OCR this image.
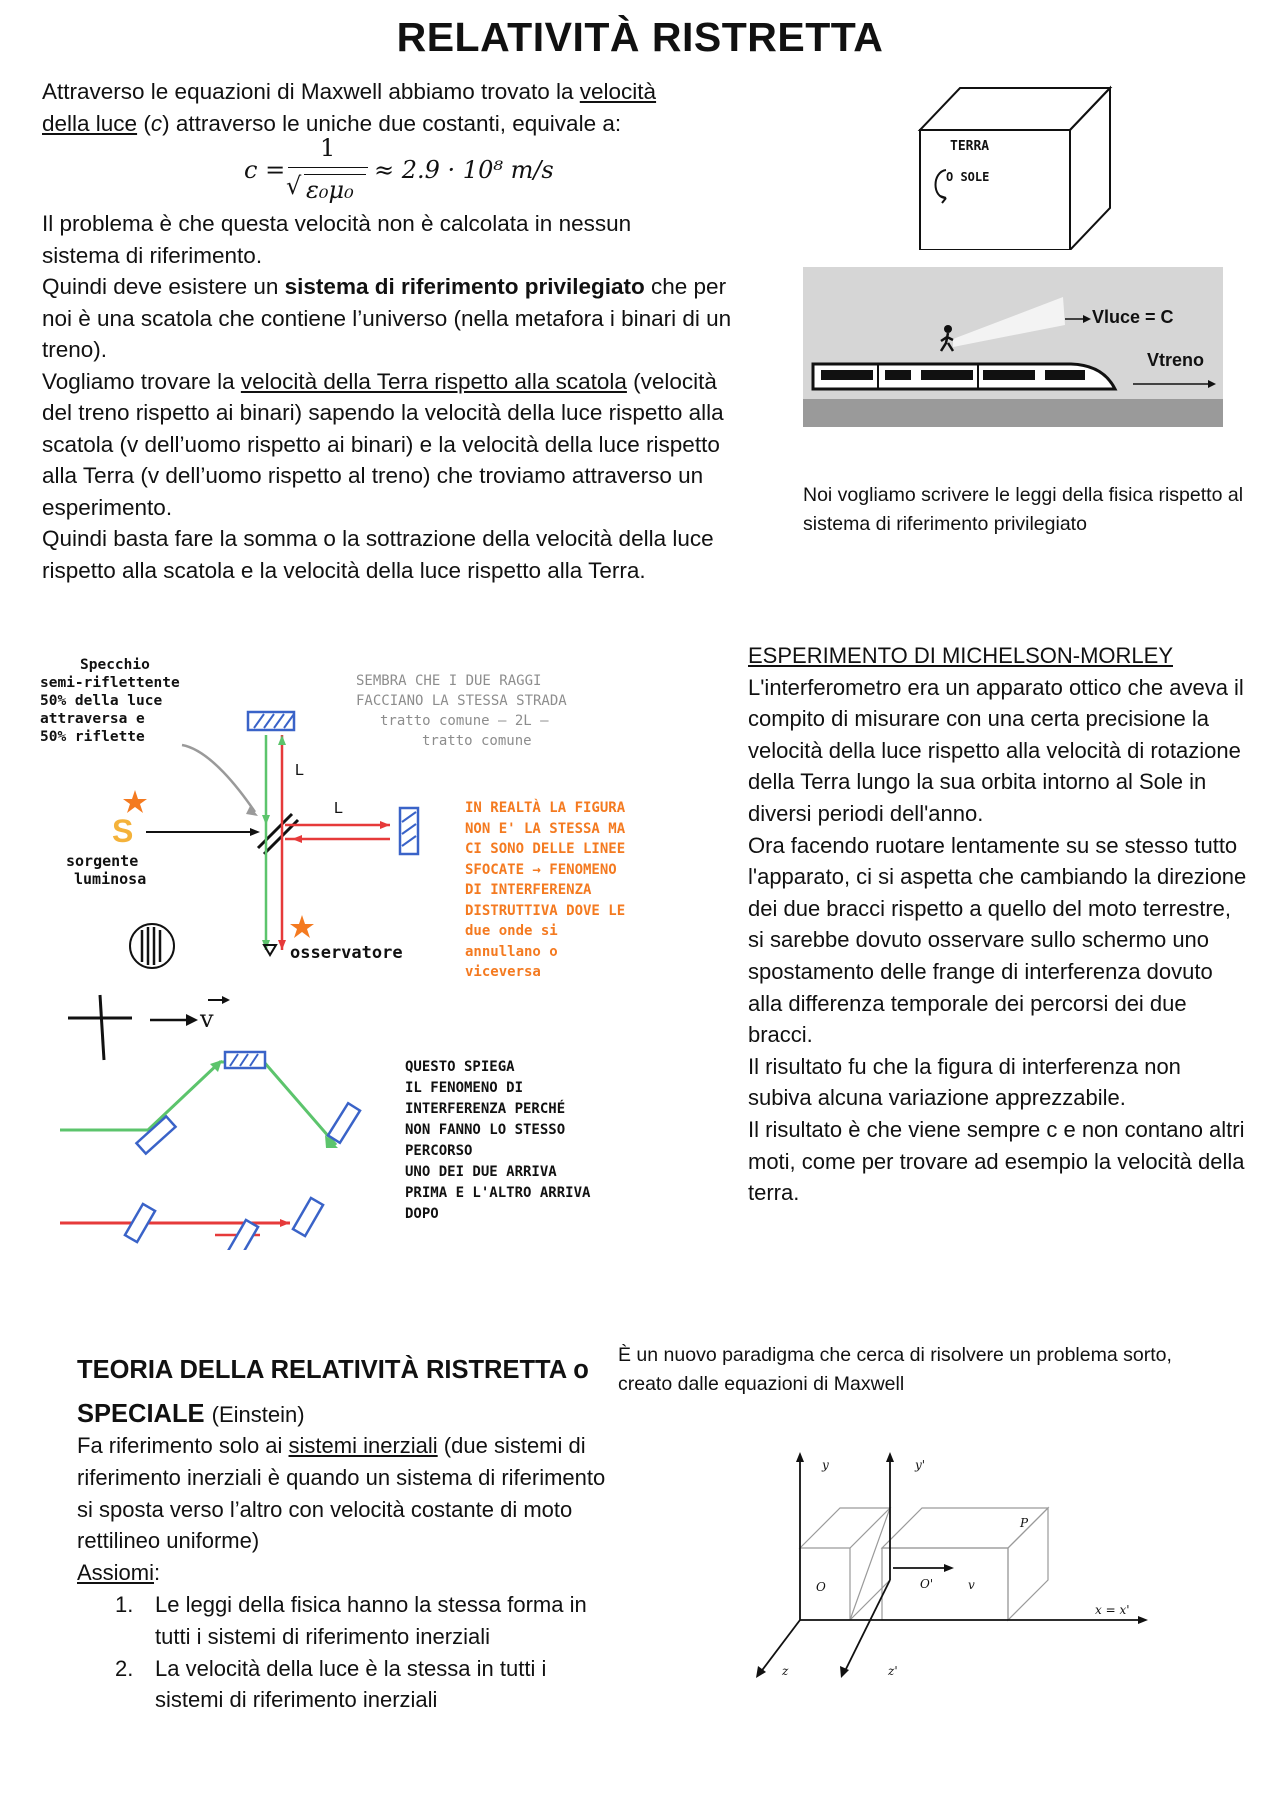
RELATIVITÀ RISTRETTA
Attraverso le equazioni di Maxwell abbiamo trovato la velocità
della luce (c) attraverso le uniche due costanti, equivale a:
c =
1
√ ε₀μ₀
≈ 2.9 · 10⁸ m/s
Il problema è che questa velocità non è calcolata in nessun sistema di riferimento.
Quindi deve esistere un sistema di riferimento privilegiato che per noi è una scatola che contiene l’universo (nella metafora i binari di un treno).
Vogliamo trovare la velocità della Terra rispetto alla scatola (velocità del treno rispetto ai binari) sapendo la velocità della luce rispetto alla scatola (v dell’uomo rispetto ai binari) e la velocità della luce rispetto alla Terra (v dell’uomo rispetto al treno) che troviamo attraverso un esperimento.
Quindi basta fare la somma o la sottrazione della velocità della luce rispetto alla scatola e la velocità della luce rispetto alla Terra.
TERRA
O SOLE
Vluce = C
Vtreno
Noi vogliamo scrivere le leggi della fisica rispetto al sistema di riferimento privilegiato
Specchio
semi-riflettente
50% della luce
attraversa e
50% riflette
S
sorgente
luminosa
L
L
osservatore
v
SEMBRA CHE I DUE RAGGI
FACCIANO LA STESSA STRADA
tratto comune – 2L –
tratto comune
IN REALTÀ LA FIGURA
NON E' LA STESSA MA
CI SONO DELLE LINEE
SFOCATE → FENOMENO
DI INTERFERENZA
DISTRUTTIVA DOVE LE
due onde si
annullano o
viceversa
QUESTO SPIEGA
IL FENOMENO DI
INTERFERENZA PERCHÉ
NON FANNO LO STESSO
PERCORSO
UNO DEI DUE ARRIVA
PRIMA E L'ALTRO ARRIVA
DOPO
ESPERIMENTO DI MICHELSON-MORLEY
L'interferometro era un apparato ottico che aveva il compito di misurare con una certa precisione la velocità della luce rispetto alla velocità di rotazione della Terra lungo la sua orbita intorno al Sole in diversi periodi dell'anno.
Ora facendo ruotare lentamente su se stesso tutto l'apparato, ci si aspetta che cambiando la direzione dei due bracci rispetto a quello del moto terrestre, si sarebbe dovuto osservare sullo schermo uno spostamento delle frange di interferenza dovuto alla differenza temporale dei percorsi dei due bracci.
Il risultato fu che la figura di interferenza non subiva alcuna variazione apprezzabile.
Il risultato è che viene sempre c e non contano altri moti, come per trovare ad esempio la velocità della terra.
TEORIA DELLA RELATIVITÀ RISTRETTA o
SPECIALE (Einstein)
Fa riferimento solo ai sistemi inerziali (due sistemi di riferimento inerziali è quando un sistema di riferimento si sposta verso l’altro con velocità costante di moto rettilineo uniforme)
Assiomi:
1. Le leggi della fisica hanno la stessa forma in tutti i sistemi di riferimento inerziali
2. La velocità della luce è la stessa in tutti i sistemi di riferimento inerziali
È un nuovo paradigma che cerca di risolvere un problema sorto, creato dalle equazioni di Maxwell
y	y'
O	O'
z	z'
P
v
x = x'
